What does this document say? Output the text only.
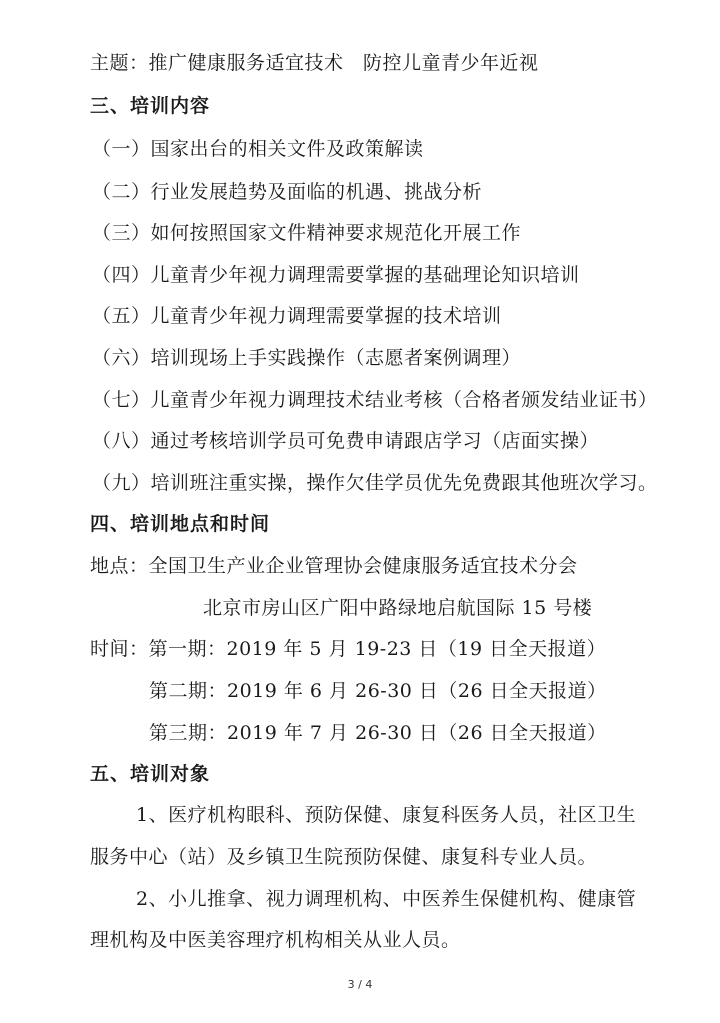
主题：推广健康服务适宜技术　防控儿童青少年近视
三、培训内容
（一）国家出台的相关文件及政策解读
（二）行业发展趋势及面临的机遇、挑战分析
（三）如何按照国家文件精神要求规范化开展工作
（四）儿童青少年视力调理需要掌握的基础理论知识培训
（五）儿童青少年视力调理需要掌握的技术培训
（六）培训现场上手实践操作（志愿者案例调理）
（七）儿童青少年视力调理技术结业考核（合格者颁发结业证书）
（八）通过考核培训学员可免费申请跟店学习（店面实操）
（九）培训班注重实操，操作欠佳学员优先免费跟其他班次学习。
四、培训地点和时间
地点：全国卫生产业企业管理协会健康服务适宜技术分会
北京市房山区广阳中路绿地启航国际 15 号楼
时间：第一期：2019 年 5 月 19-23 日（19 日全天报道）
第二期：2019 年 6 月 26-30 日（26 日全天报道）
第三期：2019 年 7 月 26-30 日（26 日全天报道）
五、培训对象
1、医疗机构眼科、预防保健、康复科医务人员，社区卫生
服务中心（站）及乡镇卫生院预防保健、康复科专业人员。
2、小儿推拿、视力调理机构、中医养生保健机构、健康管
理机构及中医美容理疗机构相关从业人员。
3 / 4
